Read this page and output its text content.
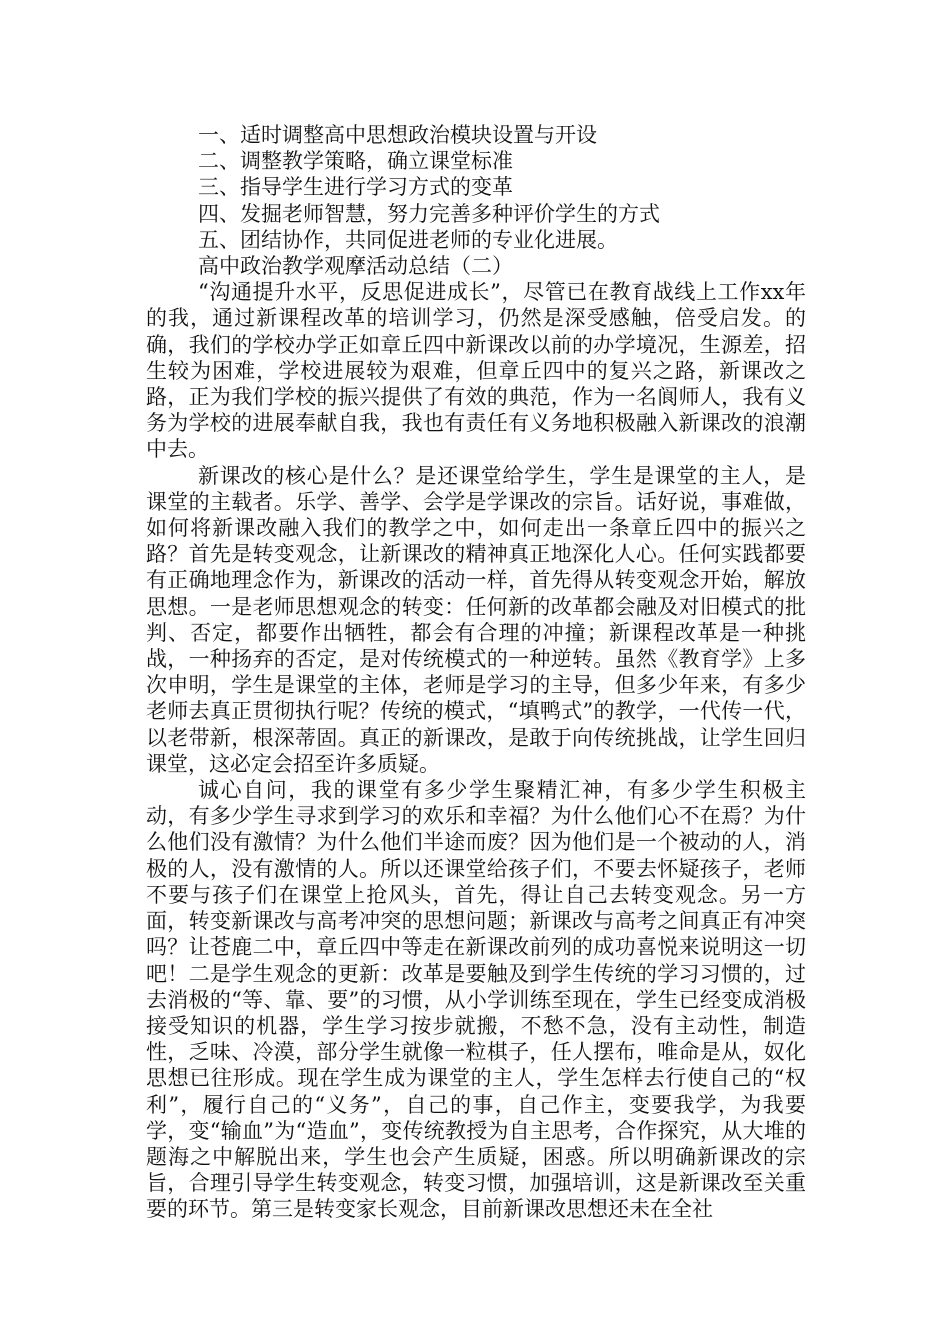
一、适时调整高中思想政治模块设置与开设

二、调整教学策略，确立课堂标准

三、指导学生进行学习方式的变革

四、发掘老师智慧，努力完善多种评价学生的方式

五、团结协作，共同促进老师的专业化进展。

高中政治教学观摩活动总结（二）

“沟通提升水平，反思促进成长”，尽管已在教育战线上工作xx年的我，通过新课程改革的培训学习，仍然是深受感触，倍受启发。的确，我们的学校办学正如章丘四中新课改以前的办学境况，生源差，招生较为困难，学校进展较为艰难，但章丘四中的复兴之路，新课改之路，正为我们学校的振兴提供了有效的典范，作为一名阆师人，我有义务为学校的进展奉献自我，我也有责任有义务地积极融入新课改的浪潮中去。

新课改的核心是什么？是还课堂给学生，学生是课堂的主人，是课堂的主载者。乐学、善学、会学是学课改的宗旨。话好说，事难做，如何将新课改融入我们的教学之中，如何走出一条章丘四中的振兴之路？首先是转变观念，让新课改的精神真正地深化人心。任何实践都要有正确地理念作为，新课改的活动一样，首先得从转变观念开始，解放思想。一是老师思想观念的转变：任何新的改革都会融及对旧模式的批判、否定，都要作出牺牲，都会有合理的冲撞；新课程改革是一种挑战，一种扬弃的否定，是对传统模式的一种逆转。虽然《教育学》上多次申明，学生是课堂的主体，老师是学习的主导，但多少年来，有多少老师去真正贯彻执行呢？传统的模式，“填鸭式”的教学，一代传一代，以老带新，根深蒂固。真正的新课改，是敢于向传统挑战，让学生回归课堂，这必定会招至许多质疑。

诚心自问，我的课堂有多少学生聚精汇神，有多少学生积极主动，有多少学生寻求到学习的欢乐和幸福？为什么他们心不在焉？为什么他们没有激情？为什么他们半途而废？因为他们是一个被动的人，消极的人，没有激情的人。所以还课堂给孩子们，不要去怀疑孩子，老师不要与孩子们在课堂上抢风头，首先，得让自己去转变观念。另一方面，转变新课改与高考冲突的思想问题；新课改与高考之间真正有冲突吗？让苍鹿二中，章丘四中等走在新课改前列的成功喜悦来说明这一切吧！二是学生观念的更新：改革是要触及到学生传统的学习习惯的，过去消极的“等、靠、要”的习惯，从小学训练至现在，学生已经变成消极接受知识的机器，学生学习按步就搬，不愁不急，没有主动性，制造性，乏味、冷漠，部分学生就像一粒棋子，任人摆布，唯命是从，奴化思想已往形成。现在学生成为课堂的主人，学生怎样去行使自己的“权利”，履行自己的“义务”，自己的事，自己作主，变要我学，为我要学，变“输血”为“造血”，变传统教授为自主思考，合作探究，从大堆的题海之中解脱出来，学生也会产生质疑，困惑。所以明确新课改的宗旨，合理引导学生转变观念，转变习惯，加强培训，这是新课改至关重要的环节。第三是转变家长观念，目前新课改思想还未在全社
